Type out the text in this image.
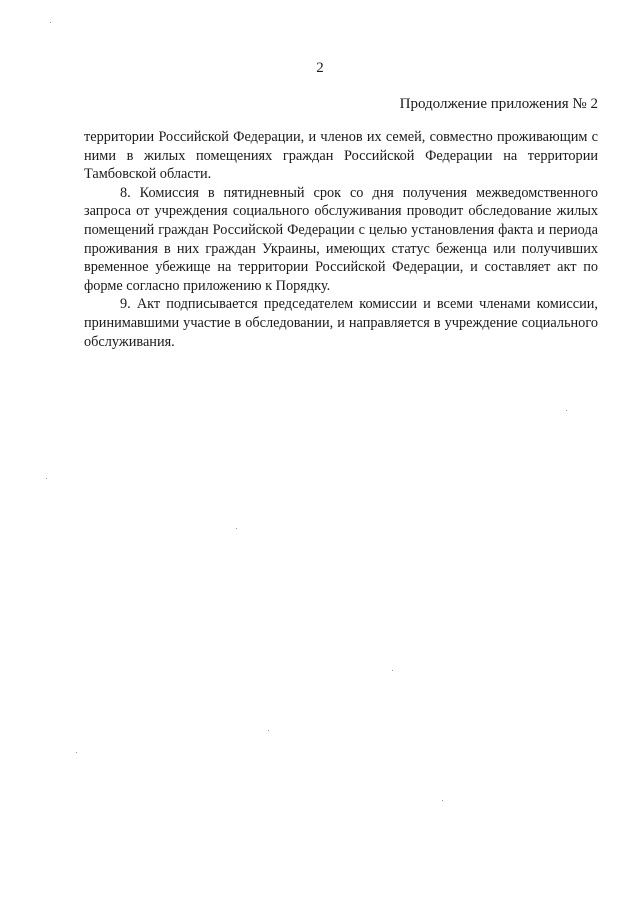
2
Продолжение приложения № 2

территории Российской Федерации, и членов их семей, совместно проживающим с ними в жилых помещениях граждан Российской Федерации на территории Тамбовской области.

8. Комиссия в пятидневный срок со дня получения межведомственного запроса от учреждения социального обслуживания проводит обследование жилых помещений граждан Российской Федерации с целью установления факта и периода проживания в них граждан Украины, имеющих статус беженца или получивших временное убежище на территории Российской Федерации, и составляет акт по форме согласно приложению к Порядку.

9. Акт подписывается председателем комиссии и всеми членами комиссии, принимавшими участие в обследовании, и направляется в учреждение социального обслуживания.
